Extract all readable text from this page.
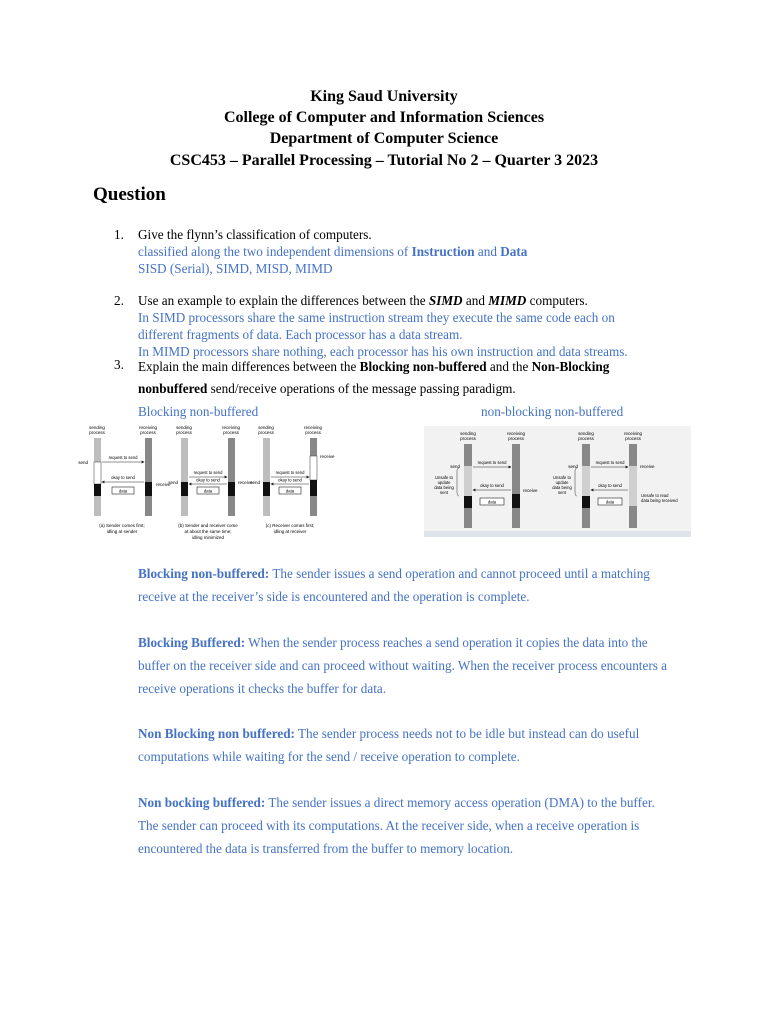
King Saud University
College of Computer and Information Sciences
Department of Computer Science
CSC453 – Parallel Processing – Tutorial No 2 – Quarter 3 2023
Question
1. Give the flynn’s classification of computers.
classified along the two independent dimensions of Instruction and Data
SISD (Serial), SIMD, MISD, MIMD
2. Use an example to explain the differences between the SIMD and MIMD computers.
In SIMD processors share the same instruction stream they execute the same code each on
different fragments of data. Each processor has a data stream.
In MIMD processors share nothing, each processor has his own instruction and data streams.
3. Explain the main differences between the Blocking non-buffered and the Non-Blocking
nonbuffered send/receive operations of the message passing paradigm.
Blocking non-buffered	non-blocking non-buffered
sending
process
receiving
process
send
receive
request to send
okay to send
data
(a) Sender comes first;
idling at sender
sending
process
receiving
process
send	receive
request to send
okay to send
data
(b) Sender and receiver come
at about the same time;
idling minimized
sending
process
receiving
process
send
receive
request to send
okay to send
data
(c) Receiver comes first;
idling at receiver
sending
process
receiving
process
send
receive
Unsafe to
update
data being
sent
request to send
okay to send
data
sending
process
receiving
process
send	receive
Unsafe to
update
data being
sent
Unsafe to read
data being received
request to send
okay to send
data
Blocking non-buffered: The sender issues a send operation and cannot proceed until a matching receive at the receiver’s side is encountered and the operation is complete.
Blocking Buffered: When the sender process reaches a send operation it copies the data into the buffer on the receiver side and can proceed without waiting. When the receiver process encounters a receive operations it checks the buffer for data.
Non Blocking non buffered: The sender process needs not to be idle but instead can do useful computations while waiting for the send / receive operation to complete.
Non bocking buffered: The sender issues a direct memory access operation (DMA) to the buffer. The sender can proceed with its computations. At the receiver side, when a receive operation is encountered the data is transferred from the buffer to memory location.
